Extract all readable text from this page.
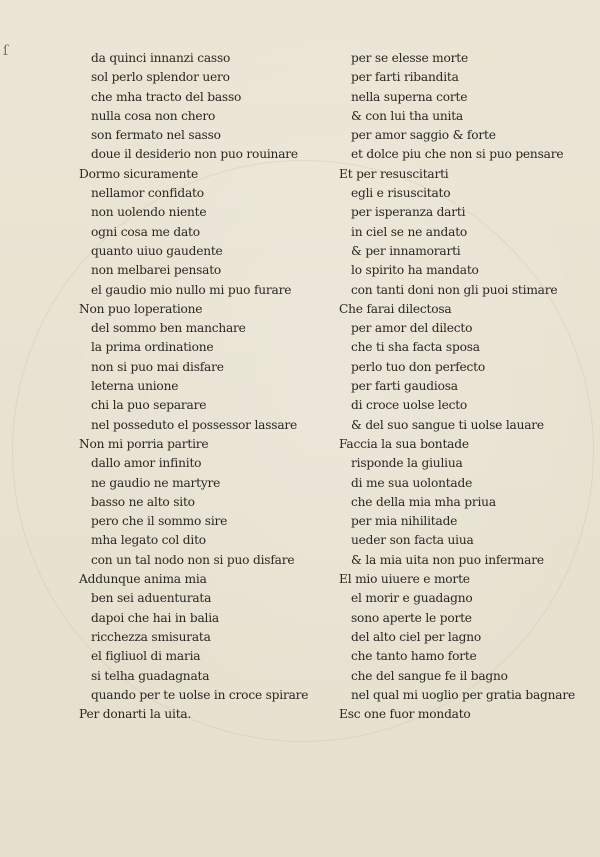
ſ	da quinci innanzi casso
sol perlo splendor uero
che mha tracto del basso
nulla cosa non chero
son fermato nel sasso
doue il desiderio non puo rouinare
Dormo sicuramente
nellamor confidato
non uolendo niente
ogni cosa me dato
quanto uiuo gaudente
non melbarei pensato
el gaudio mio nullo mi puo furare
Non puo loperatione
del sommo ben manchare
la prima ordinatione
non si puo mai disfare
leterna unione
chi la puo separare
nel posseduto el possessor lassare
Non mi porria partire
dallo amor infinito
ne gaudio ne martyre
basso ne alto sito
pero che il sommo sire
mha legato col dito
con un tal nodo non si puo disfare
Addunque anima mia
ben sei aduenturata
dapoi che hai in balia
ricchezza smisurata
el figliuol di maria
si telha guadagnata
quando per te uolse in croce spirare
Per donarti la uita.
per se elesse morte
per farti ribandita
nella superna corte
& con lui tha unita
per amor saggio & forte
et dolce piu che non si puo pensare
Et per resuscitarti
egli e risuscitato
per isperanza darti
in ciel se ne andato
& per innamorarti
lo spirito ha mandato
con tanti doni non gli puoi stimare
Che farai dilectosa
per amor del dilecto
che ti sha facta sposa
perlo tuo don perfecto
per farti gaudiosa
di croce uolse lecto
& del suo sangue ti uolse lauare
Faccia la sua bontade
risponde la giuliua
di me sua uolontade
che della mia mha priua
per mia nihilitade
ueder son facta uiua
& la mia uita non puo infermare
El mio uiuere e morte
el morir e guadagno
sono aperte le porte
del alto ciel per lagno
che tanto hamo forte
che del sangue fe il bagno
nel qual mi uoglio per gratia bagnare
Esc one fuor mondato
